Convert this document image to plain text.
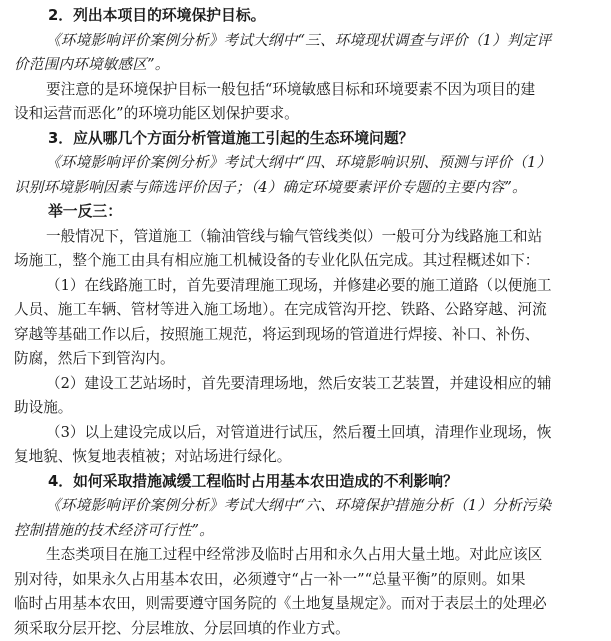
2．列出本项目的环境保护目标。

《环境影响评价案例分析》考试大纲中“三、环境现状调查与评价（1）判定评

价范围内环境敏感区”。

要注意的是环境保护目标一般包括“环境敏感目标和环境要素不因为项目的建

设和运营而恶化”的环境功能区划保护要求。

3．应从哪几个方面分析管道施工引起的生态环境问题？

《环境影响评价案例分析》考试大纲中“四、环境影响识别、预测与评价（1）

识别环境影响因素与筛选评价因子；（4）确定环境要素评价专题的主要内容”。

举一反三：

一般情况下，管道施工（输油管线与输气管线类似）一般可分为线路施工和站

场施工，整个施工由具有相应施工机械设备的专业化队伍完成。其过程概述如下：

（1）在线路施工时，首先要清理施工现场，并修建必要的施工道路（以便施工

人员、施工车辆、管材等进入施工场地）。在完成管沟开挖、铁路、公路穿越、河流

穿越等基础工作以后，按照施工规范，将运到现场的管道进行焊接、补口、补伤、

防腐，然后下到管沟内。

（2）建设工艺站场时，首先要清理场地，然后安装工艺装置，并建设相应的辅

助设施。

（3）以上建设完成以后，对管道进行试压，然后覆土回填，清理作业现场，恢

复地貌、恢复地表植被；对站场进行绿化。

4．如何采取措施减缓工程临时占用基本农田造成的不利影响？

《环境影响评价案例分析》考试大纲中“六、环境保护措施分析（1）分析污染

控制措施的技术经济可行性”。

生态类项目在施工过程中经常涉及临时占用和永久占用大量土地。对此应该区

别对待，如果永久占用基本农田，必须遵守“占一补一”“总量平衡”的原则。如果

临时占用基本农田，则需要遵守国务院的《土地复垦规定》。而对于表层土的处理必

须采取分层开挖、分层堆放、分层回填的作业方式。
